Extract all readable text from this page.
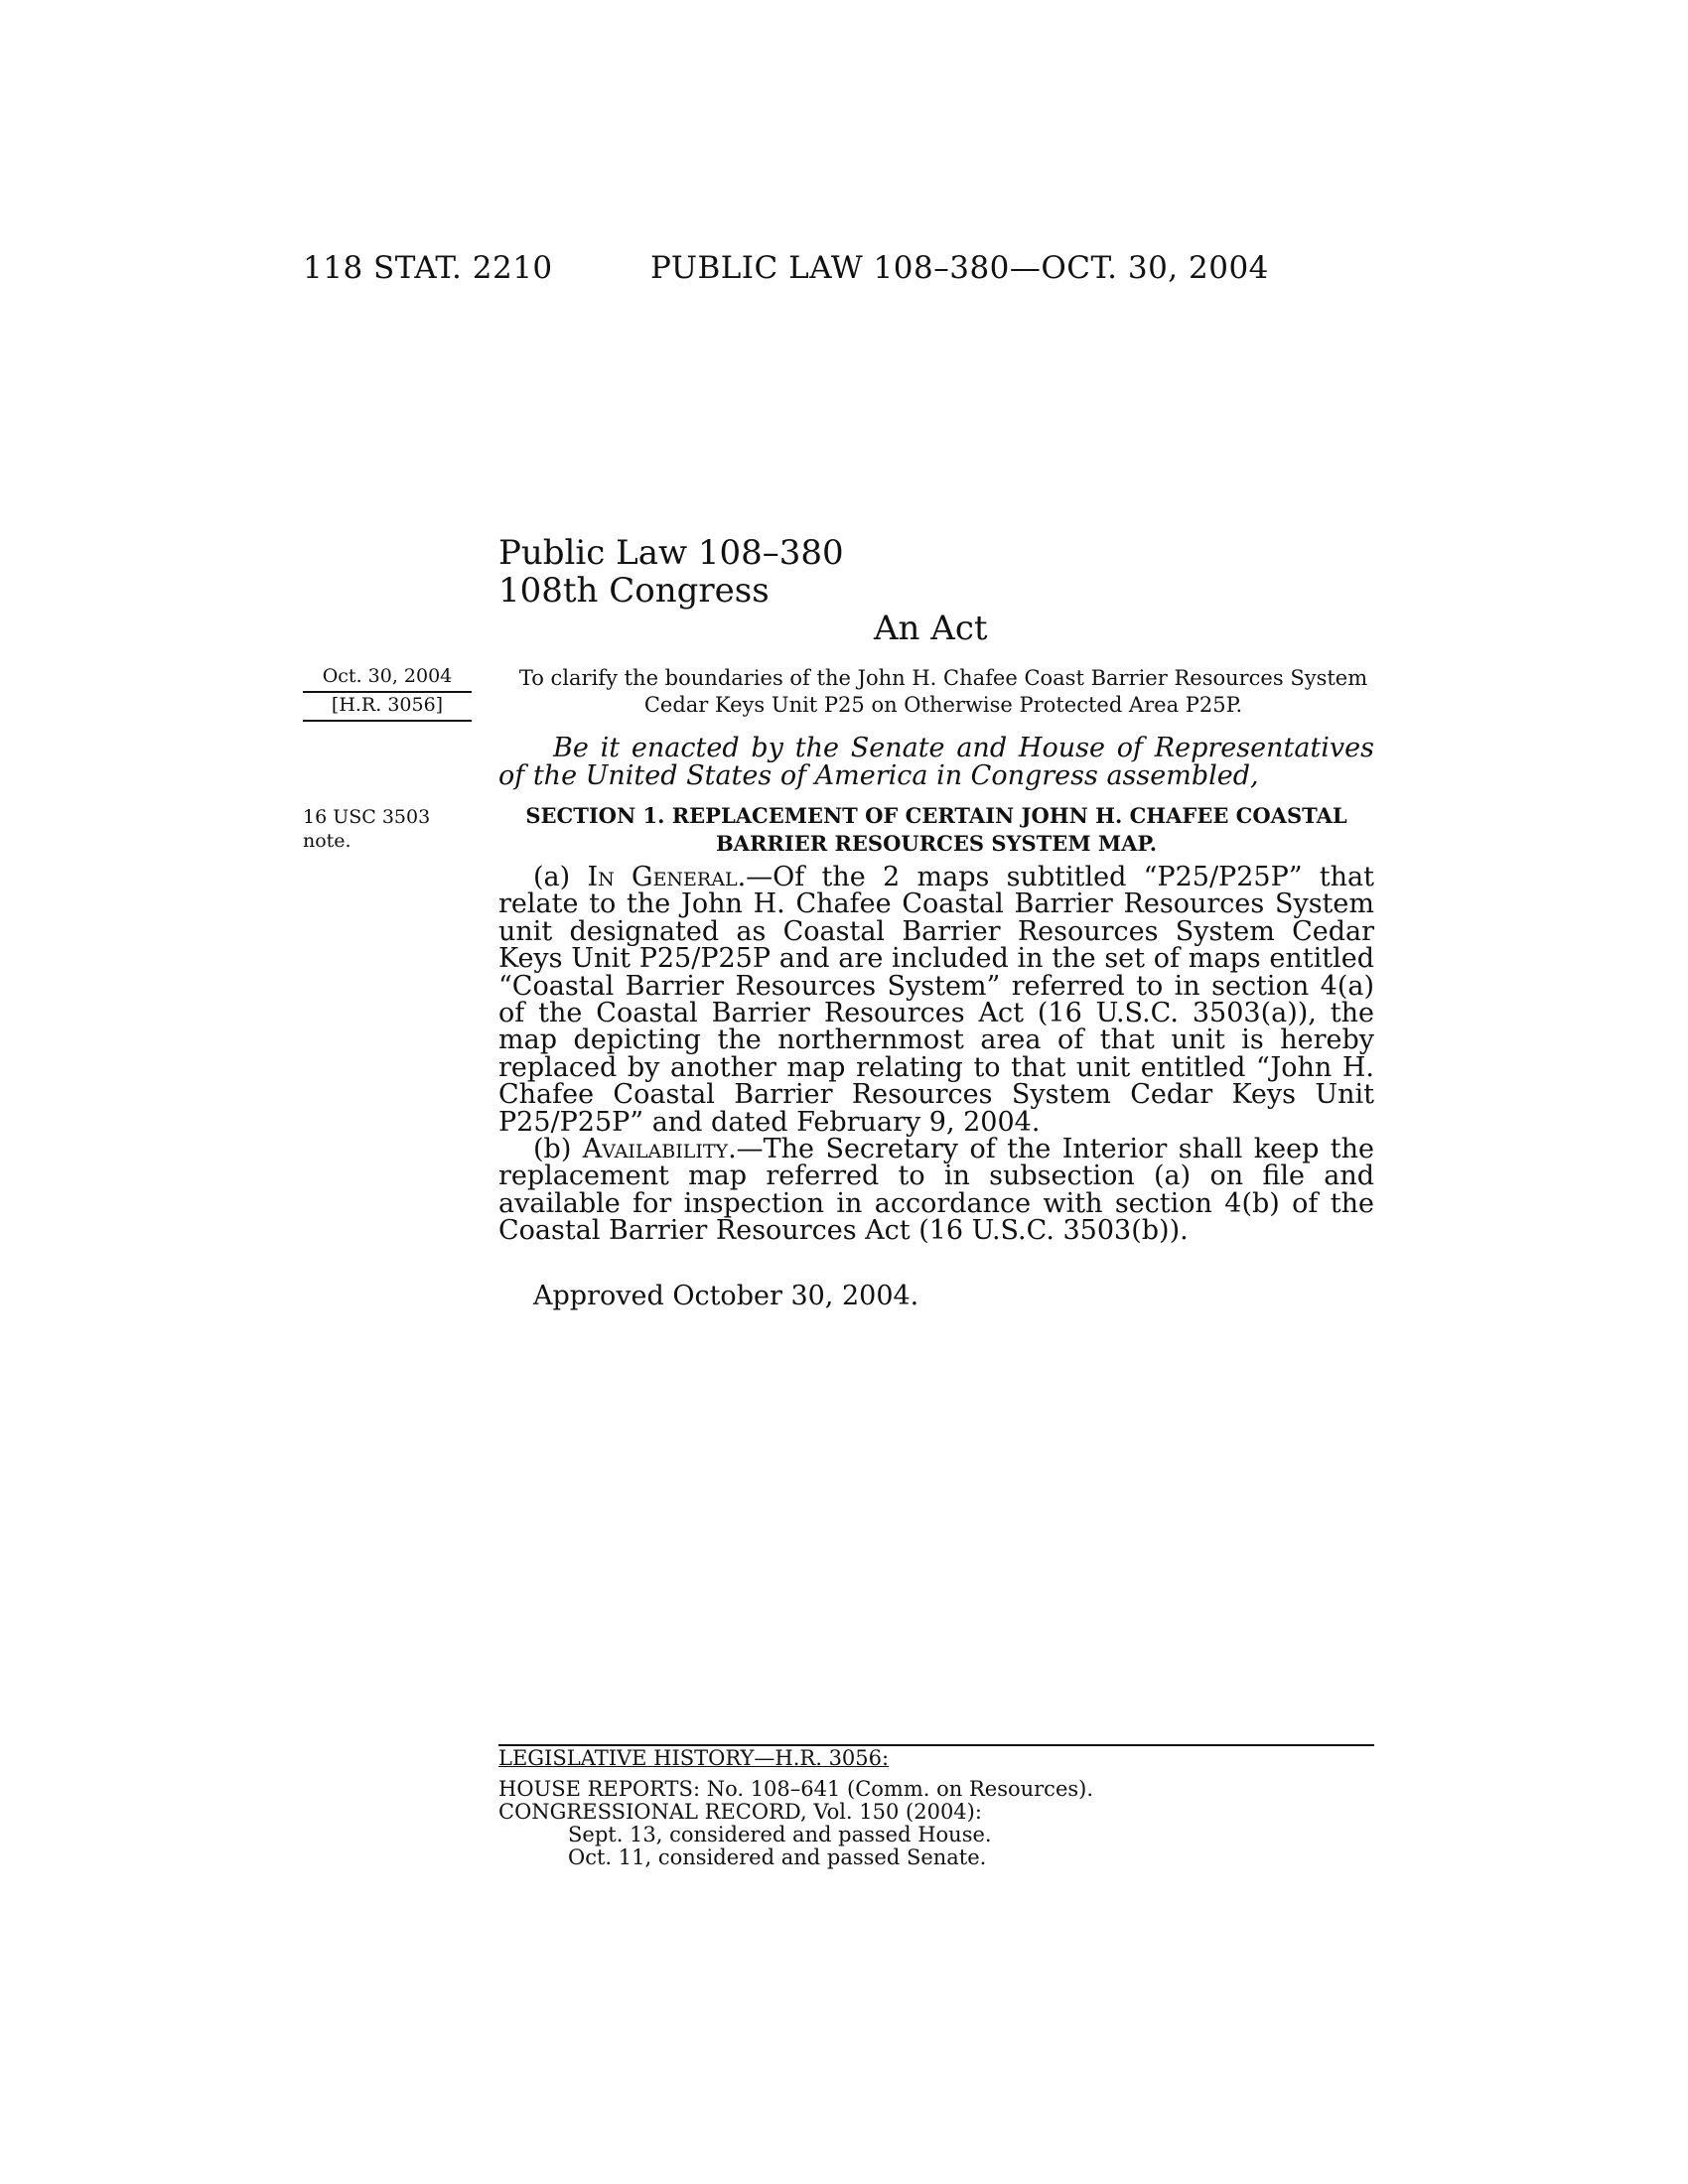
118 STAT. 2210	PUBLIC LAW 108–380—OCT. 30, 2004
Public Law 108–380
108th Congress
An Act
Oct. 30, 2004
[H.R. 3056]
To clarify the boundaries of the John H. Chafee Coast Barrier Resources System
Cedar Keys Unit P25 on Otherwise Protected Area P25P.
Be it enacted by the Senate and House of Representatives of the United States of America in Congress assembled,
16 USC 3503
note.
SECTION 1. REPLACEMENT OF CERTAIN JOHN H. CHAFEE COASTAL
BARRIER RESOURCES SYSTEM MAP.

(a) In General.—Of the 2 maps subtitled “P25/P25P” that relate to the John H. Chafee Coastal Barrier Resources System unit designated as Coastal Barrier Resources System Cedar Keys Unit P25/P25P and are included in the set of maps entitled “Coastal Barrier Resources System” referred to in section 4(a) of the Coastal Barrier Resources Act (16 U.S.C. 3503(a)), the map depicting the northernmost area of that unit is hereby replaced by another map relating to that unit entitled “John H. Chafee Coastal Barrier Resources System Cedar Keys Unit P25/P25P” and dated February 9, 2004.

(b) Availability.—The Secretary of the Interior shall keep the replacement map referred to in subsection (a) on file and available for inspection in accordance with section 4(b) of the Coastal Barrier Resources Act (16 U.S.C. 3503(b)).

Approved October 30, 2004.
LEGISLATIVE HISTORY—H.R. 3056:
HOUSE REPORTS: No. 108–641 (Comm. on Resources).
CONGRESSIONAL RECORD, Vol. 150 (2004):
Sept. 13, considered and passed House.
Oct. 11, considered and passed Senate.
